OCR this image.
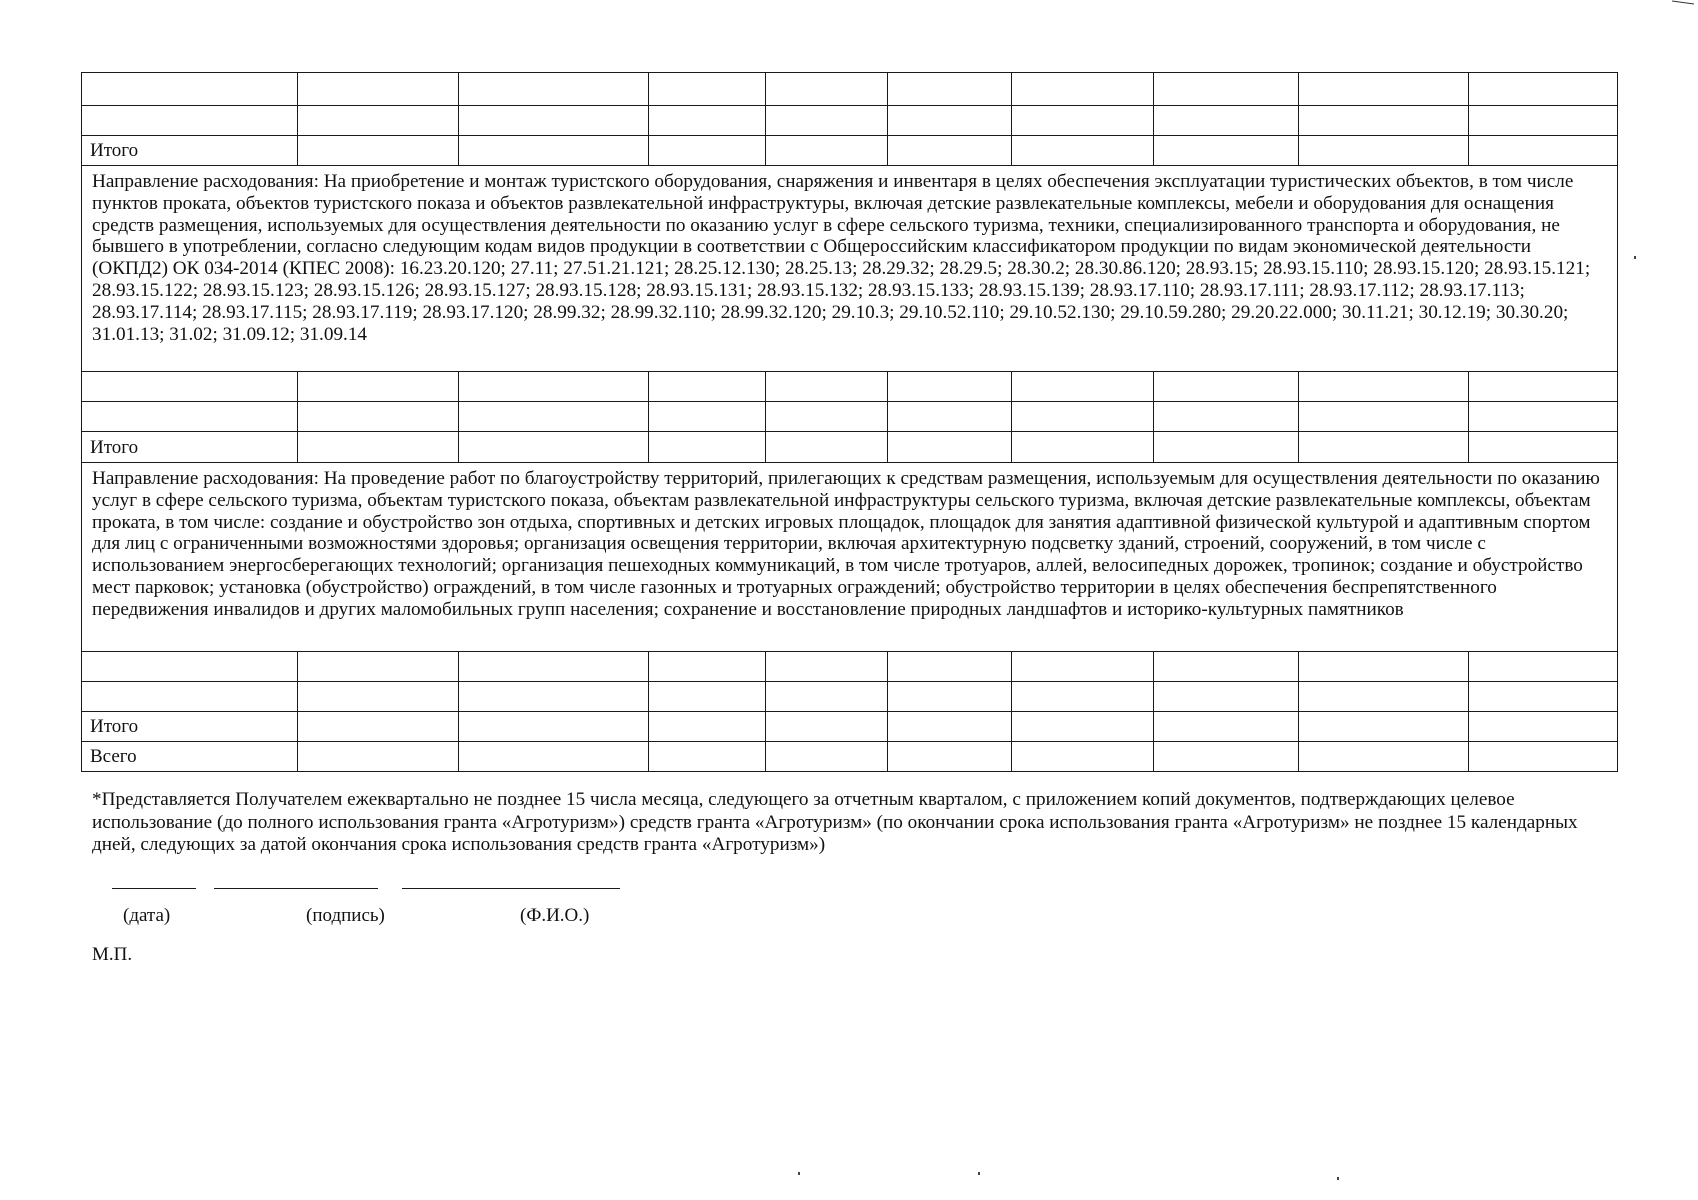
Итого									
Направление расходования: На приобретение и монтаж туристского оборудования, снаряжения и инвентаря в целях обеспечения эксплуатации туристических объектов, в том числе пунктов проката, объектов туристского показа и объектов развлекательной инфраструктуры, включая детские развлекательные комплексы, мебели и оборудования для оснащения средств размещения, используемых для осуществления деятельности по оказанию услуг в сфере сельского туризма, техники, специализированного транспорта и оборудования, не бывшего в употреблении, согласно следующим кодам видов продукции в соответствии с Общероссийским классификатором продукции по видам экономической деятельности (ОКПД2) ОК 034-2014 (КПЕС 2008): 16.23.20.120; 27.11; 27.51.21.121; 28.25.12.130; 28.25.13; 28.29.32; 28.29.5; 28.30.2; 28.30.86.120; 28.93.15; 28.93.15.110; 28.93.15.120; 28.93.15.121; 28.93.15.122; 28.93.15.123; 28.93.15.126; 28.93.15.127; 28.93.15.128; 28.93.15.131; 28.93.15.132; 28.93.15.133; 28.93.15.139; 28.93.17.110; 28.93.17.111; 28.93.17.112; 28.93.17.113; 28.93.17.114; 28.93.17.115; 28.93.17.119; 28.93.17.120; 28.99.32; 28.99.32.110; 28.99.32.120; 29.10.3; 29.10.52.110; 29.10.52.130; 29.10.59.280; 29.20.22.000; 30.11.21; 30.12.19; 30.30.20; 31.01.13; 31.02; 31.09.12; 31.09.14									

Итого									
Направление расходования: На проведение работ по благоустройству территорий, прилегающих к средствам размещения, используемым для осуществления деятельности по оказанию услуг в сфере сельского туризма, объектам туристского показа, объектам развлекательной инфраструктуры сельского туризма, включая детские развлекательные комплексы, объектам проката, в том числе: создание и обустройство зон отдыха, спортивных и детских игровых площадок, площадок для занятия адаптивной физической культурой и адаптивным спортом для лиц с ограниченными возможностями здоровья; организация освещения территории, включая архитектурную подсветку зданий, строений, сооружений, в том числе с использованием энергосберегающих технологий; организация пешеходных коммуникаций, в том числе тротуаров, аллей, велосипедных дорожек, тропинок; создание и обустройство мест парковок; установка (обустройство) ограждений, в том числе газонных и тротуарных ограждений; обустройство территории в целях обеспечения беспрепятственного передвижения инвалидов и других маломобильных групп населения; сохранение и восстановление природных ландшафтов и историко-культурных памятников									

Итого									
Всего									
*Представляется Получателем ежеквартально не позднее 15 числа месяца, следующего за отчетным кварталом, с приложением копий документов, подтверждающих целевое использование (до полного использования гранта «Агротуризм») средств гранта «Агротуризм» (по окончании срока использования гранта «Агротуризм» не позднее 15 календарных дней, следующих за датой окончания срока использования средств гранта «Агротуризм»)
(дата)	(подпись)	(Ф.И.О.)
М.П.
